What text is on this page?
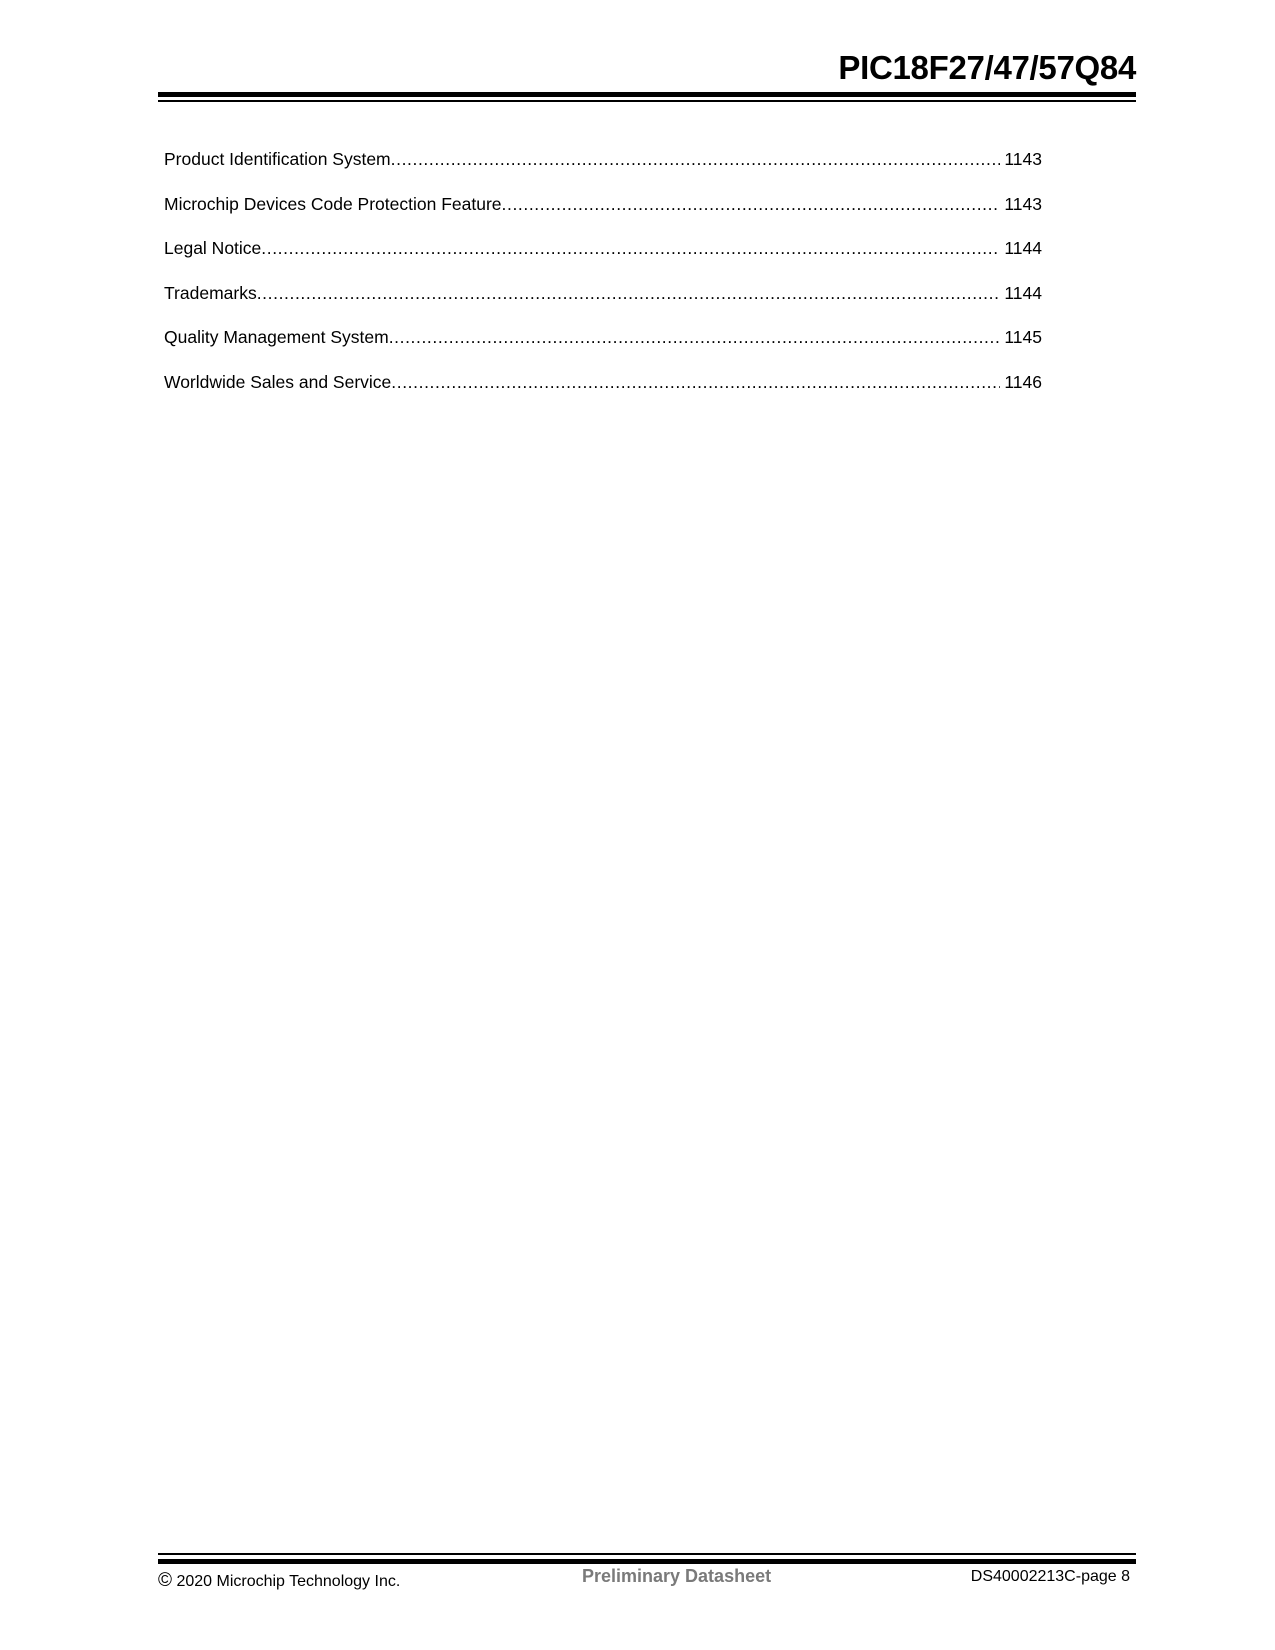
PIC18F27/47/57Q84
Product Identification System .....	1143
Microchip Devices Code Protection Feature .....	1143
Legal Notice .....	1144
Trademarks .....	1144
Quality Management System .....	1145
Worldwide Sales and Service .....	1146
© 2020 Microchip Technology Inc.	Preliminary Datasheet	DS40002213C-page 8
